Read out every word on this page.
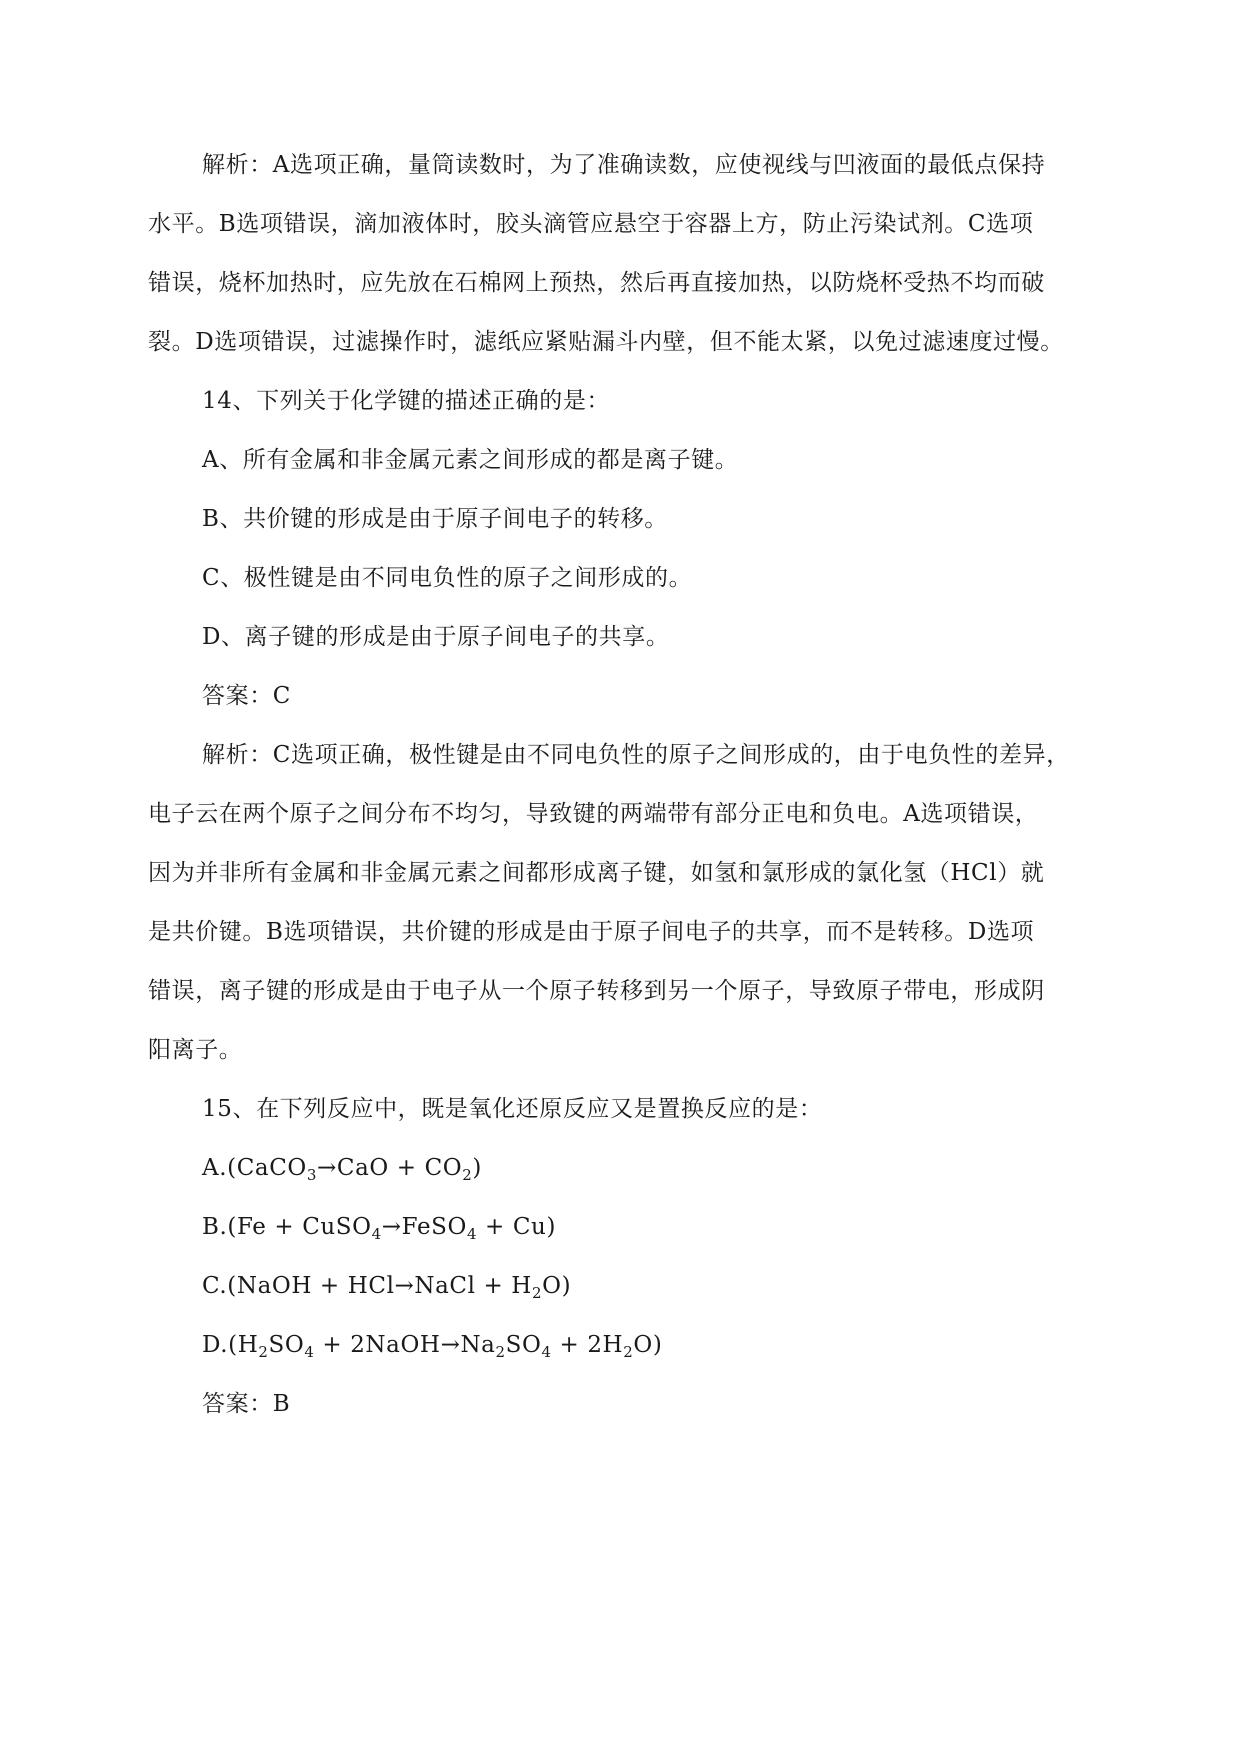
解析：A选项正确，量筒读数时，为了准确读数，应使视线与凹液面的最低点保持
水平。B选项错误，滴加液体时，胶头滴管应悬空于容器上方，防止污染试剂。C选项
错误，烧杯加热时，应先放在石棉网上预热，然后再直接加热，以防烧杯受热不均而破
裂。D选项错误，过滤操作时，滤纸应紧贴漏斗内壁，但不能太紧，以免过滤速度过慢。
14、下列关于化学键的描述正确的是：
A、所有金属和非金属元素之间形成的都是离子键。
B、共价键的形成是由于原子间电子的转移。
C、极性键是由不同电负性的原子之间形成的。
D、离子键的形成是由于原子间电子的共享。
答案：C
解析：C选项正确，极性键是由不同电负性的原子之间形成的，由于电负性的差异，
电子云在两个原子之间分布不均匀，导致键的两端带有部分正电和负电。A选项错误，
因为并非所有金属和非金属元素之间都形成离子键，如氢和氯形成的氯化氢（HCl）就
是共价键。B选项错误，共价键的形成是由于原子间电子的共享，而不是转移。D选项
错误，离子键的形成是由于电子从一个原子转移到另一个原子，导致原子带电，形成阴
阳离子。
15、在下列反应中，既是氧化还原反应又是置换反应的是：
A.(CaCO$_3$→CaO + $CO_2$)
B.(Fe + CuSO$_4$→FeSO$_4$ + Cu)
C.(NaOH + HCl→NaCl + $H_2O$)
$D.(H_2SO_4$ + $2NaOH\to Na_2SO_4 + 2H_2O$)
答案：B
